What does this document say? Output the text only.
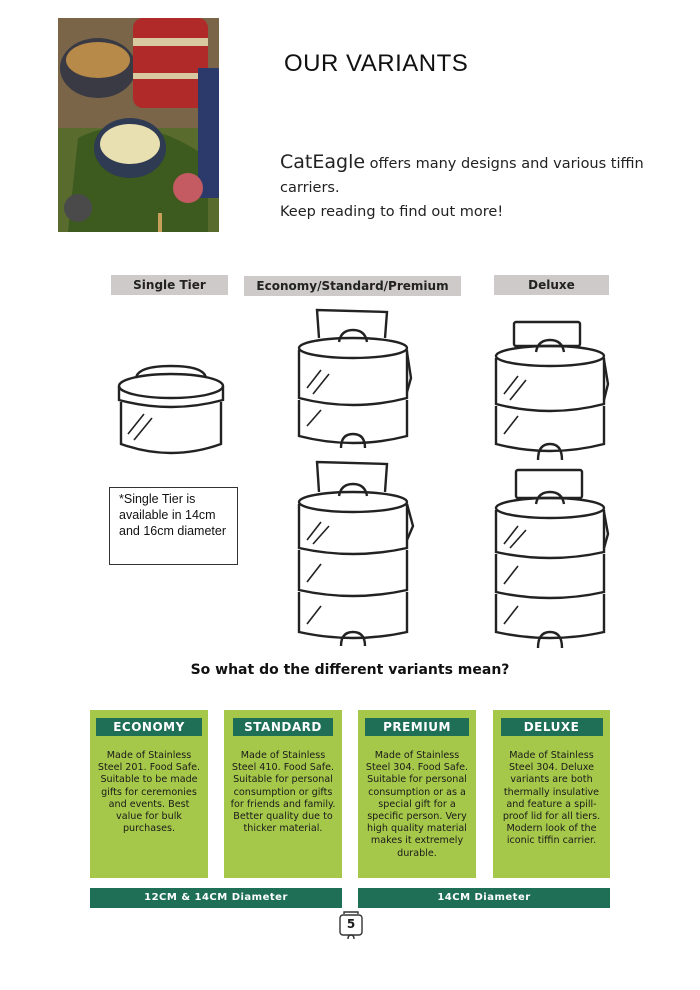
OUR VARIANTS
CatEagle offers many designs and various tiffin carriers.
Keep reading to find out more!
Single Tier	Economy/Standard/Premium	Deluxe
*Single Tier is available in 14cm and 16cm diameter
So what do the different variants mean?
ECONOMY
Made of Stainless Steel 201. Food Safe. Suitable to be made gifts for ceremonies and events. Best value for bulk purchases.
STANDARD
Made of Stainless Steel 410. Food Safe. Suitable for personal consumption or gifts for friends and family. Better quality due to thicker material.
PREMIUM
Made of Stainless Steel 304. Food Safe. Suitable for personal consumption or as a special gift for a specific person. Very high quality material makes it extremely durable.
DELUXE
Made of Stainless Steel 304. Deluxe variants are both thermally insulative and feature a spill-proof lid for all tiers. Modern look of the iconic tiffin carrier.
12CM & 14CM Diameter	14CM Diameter
5
